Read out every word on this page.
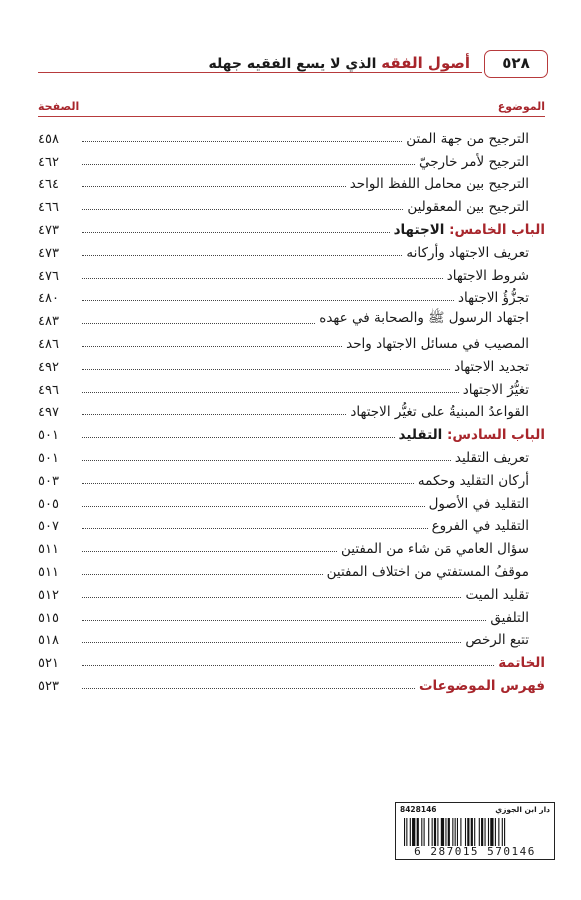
أصول الفقه الذي لا يسع الفقيه جهله	٥٢٨
الموضوع
الصفحة
الترجيح من جهة المتن
٤٥٨
الترجيح لأمر خارجيّ
٤٦٢
الترجيح بين محامل اللفظ الواحد
٤٦٤
الترجيح بين المعقولين
٤٦٦
الباب الخامس: الاجتهاد
٤٧٣
تعريف الاجتهاد وأركانه
٤٧٣
شروط الاجتهاد
٤٧٦
تجزُّؤُ الاجتهاد
٤٨٠
اجتهاد الرسول ﷺ والصحابة في عهده
٤٨٣
المصيب في مسائل الاجتهاد واحد
٤٨٦
تجديد الاجتهاد
٤٩٢
تغيُّرُ الاجتهاد
٤٩٦
القواعدُ المبنيةُ على تغيُّر الاجتهاد
٤٩٧
الباب السادس: التقليد
٥٠١
تعريف التقليد
٥٠١
أركان التقليد وحكمه
٥٠٣
التقليد في الأصول
٥٠٥
التقليد في الفروع
٥٠٧
سؤال العامي مَن شاء من المفتين
٥١١
موقفُ المستفتي من اختلاف المفتين
٥١١
تقليد الميت
٥١٢
التلفيق
٥١٥
تتبع الرخص
٥١٨
الخاتمة
٥٢١
فهرس الموضوعات
٥٢٣
8428146	دار ابن الجوزي
6 287015 570146
